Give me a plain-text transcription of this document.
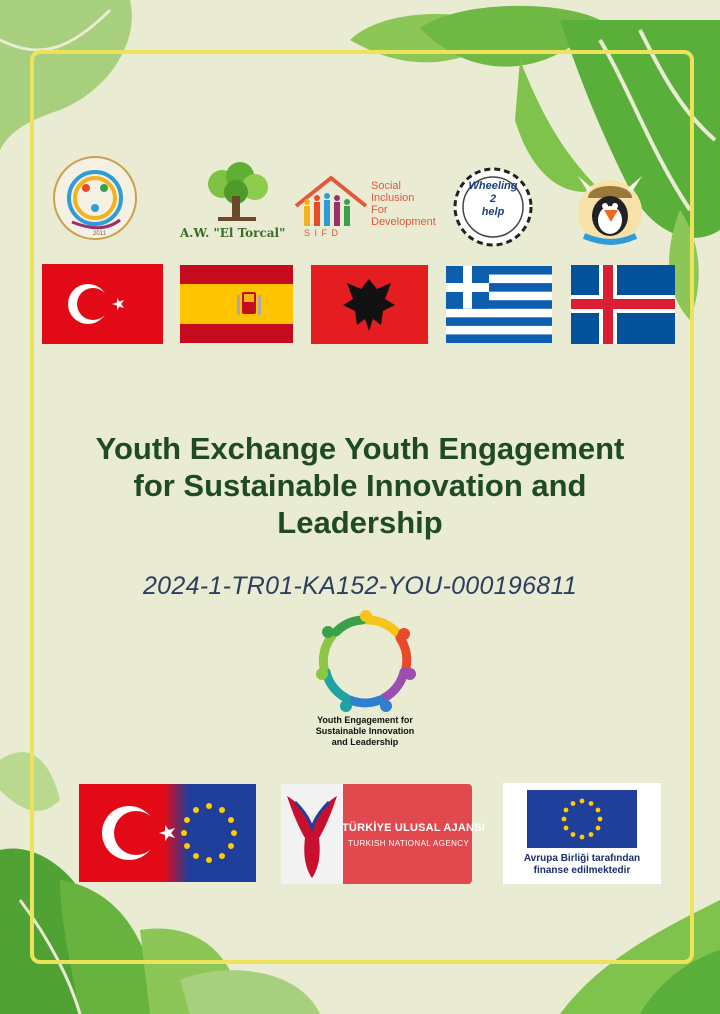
2011	A.W. "El Torcal" S I F D
Social
Inclusion
For
Development
Wheeling
2
help
Youth Exchange Youth Engagement
for Sustainable Innovation and
Leadership
2024-1-TR01-KA152-YOU-000196811
Youth Engagement for
Sustainable Innovation
and Leadership
TÜRKİYE ULUSAL AJANSI
TURKISH NATIONAL AGENCY
Avrupa Birliği tarafından
finanse edilmektedir
